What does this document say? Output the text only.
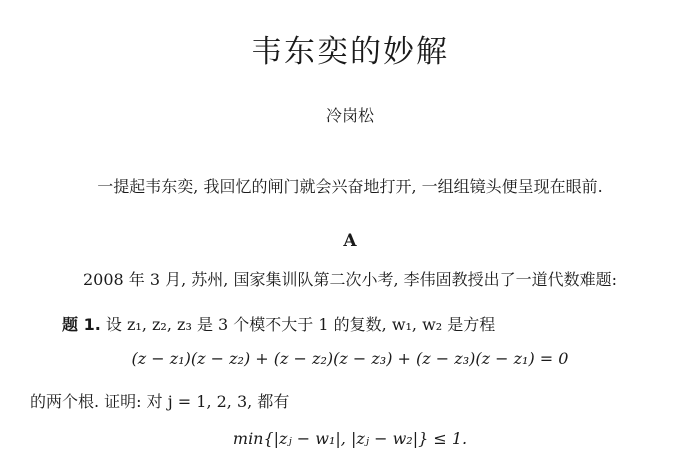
韦东奕的妙解
冷岗松
一提起韦东奕, 我回忆的闸门就会兴奋地打开, 一组组镜头便呈现在眼前.
A
2008 年 3 月, 苏州, 国家集训队第二次小考, 李伟固教授出了一道代数难题:
题 1. 设 z₁, z₂, z₃ 是 3 个模不大于 1 的复数, w₁, w₂ 是方程
(z − z₁)(z − z₂) + (z − z₂)(z − z₃) + (z − z₃)(z − z₁) = 0
的两个根. 证明: 对 j = 1, 2, 3, 都有
min{|zⱼ − w₁|, |zⱼ − w₂|} ≤ 1.
